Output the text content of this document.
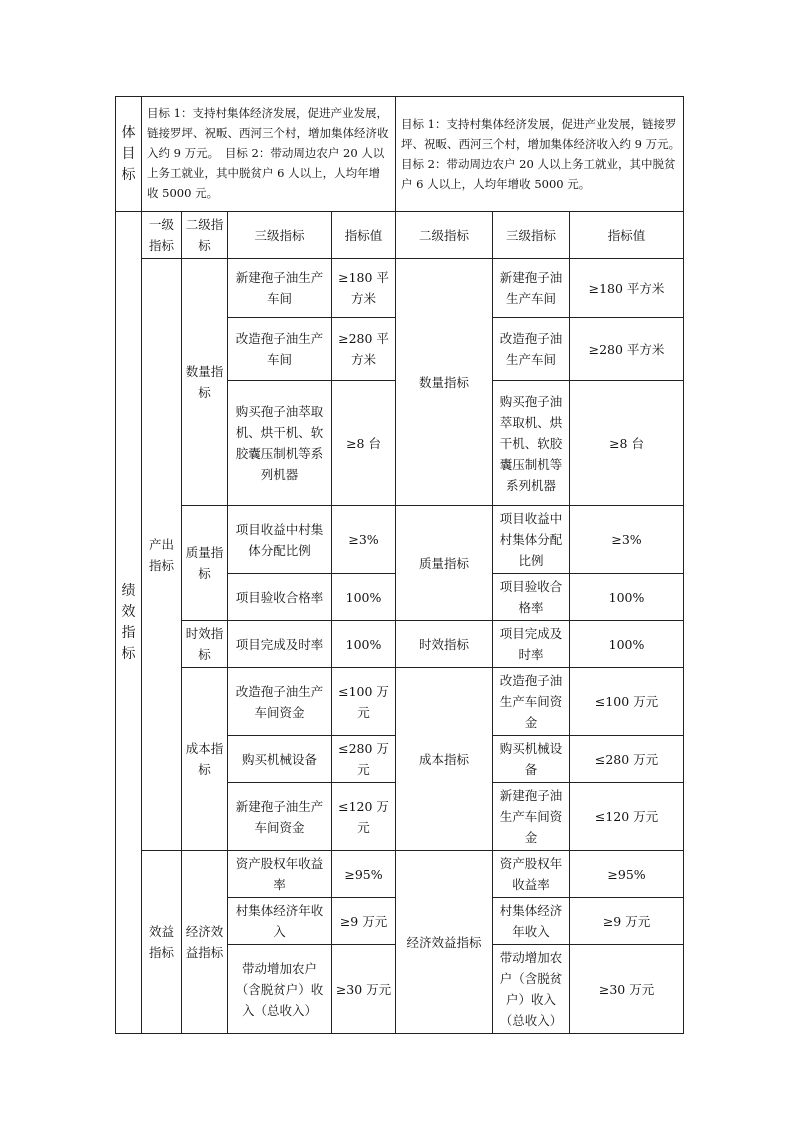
体目标	目标 1：支持村集体经济发展，促进产业发展，链接罗坪、祝畈、西河三个村，增加集体经济收入约 9 万元。　目标 2：带动周边农户 20 人以上务工就业，其中脱贫户 6 人以上，人均年增收 5000 元。				目标 1：支持村集体经济发展，促进产业发展，链接罗坪、祝畈、西河三个村，增加集体经济收入约 9 万元。　目标 2：带动周边农户 20 人以上务工就业，其中脱贫户 6 人以上，人均年增收 5000 元。		
绩效指标	一级指标	二级指标	三级指标	指标值	二级指标	三级指标	指标值
	产出指标	数量指标	新建孢子油生产车间	≥180 平方米	数量指标	新建孢子油生产车间	≥180 平方米
			改造孢子油生产车间	≥280 平方米		改造孢子油生产车间	≥280 平方米
			购买孢子油萃取机、烘干机、软胶囊压制机等系列机器	≥8 台		购买孢子油萃取机、烘干机、软胶囊压制机等系列机器	≥8 台
		质量指标	项目收益中村集体分配比例	≥3%	质量指标	项目收益中村集体分配比例	≥3%
			项目验收合格率	100%		项目验收合格率	100%
		时效指标	项目完成及时率	100%	时效指标	项目完成及时率	100%
		成本指标	改造孢子油生产车间资金	≤100 万元	成本指标	改造孢子油生产车间资金	≤100 万元
			购买机械设备	≤280 万元		购买机械设备	≤280 万元
			新建孢子油生产车间资金	≤120 万元		新建孢子油生产车间资金	≤120 万元
	效益指标	经济效益指标	资产股权年收益率	≥95%	经济效益指标	资产股权年收益率	≥95%
			村集体经济年收入	≥9 万元		村集体经济年收入	≥9 万元
			带动增加农户（含脱贫户）收入（总收入）	≥30 万元		带动增加农户（含脱贫户）收入（总收入）	≥30 万元
